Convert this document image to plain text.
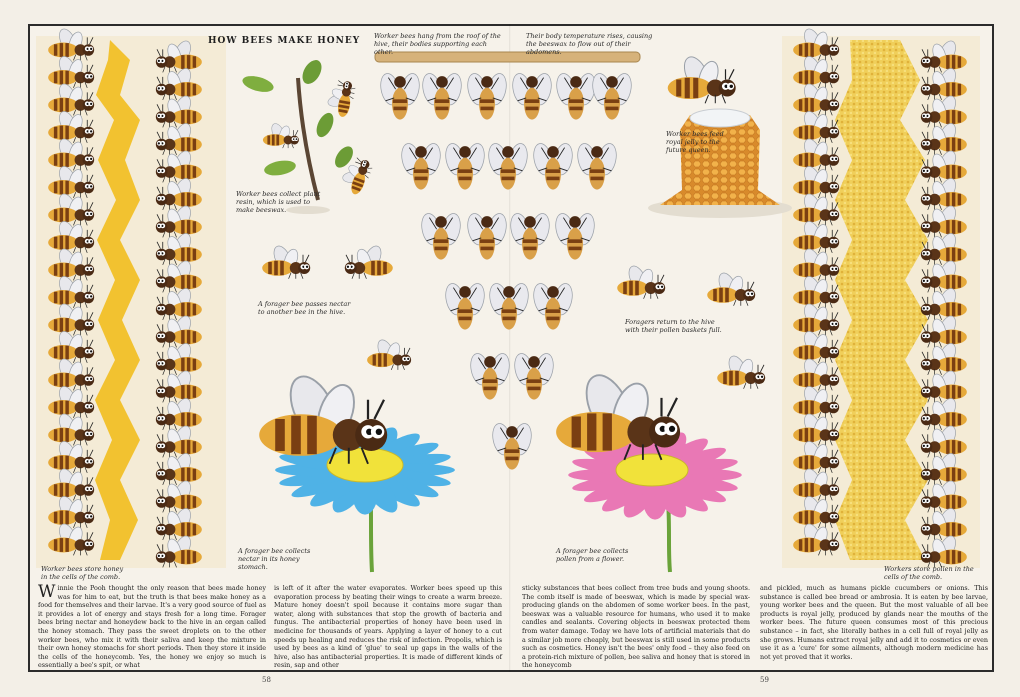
HOW BEES MAKE HONEY
Worker bees store honey in the cells of the comb.
Worker bees collect plant resin, which is used to make beeswax.
A forager bee passes nectar to another bee in the hive.
A forager bee collects nectar in its honey stomach.
Worker bees hang from the roof of the hive, their bodies supporting each other.
Their body temperature rises, causing the beeswax to flow out of their abdomens.
Worker bees feed royal jelly to the future queen.
Foragers return to the hive with their pollen baskets full.
A forager bee collects pollen from a flower.
Workers store pollen in the cells of the comb.
Winnie the Pooh thought the only reason that bees made honey was for him to eat, but the truth is that bees make honey as a food for themselves and their larvae. It's a very good source of fuel as it provides a lot of energy and stays fresh for a long time. Forager bees bring nectar and honeydew back to the hive in an organ called the honey stomach. They pass the sweet droplets on to the other worker bees, who mix it with their saliva and keep the mixture in their own honey stomachs for short periods. Then they store it inside the cells of the honeycomb. Yes, the honey we enjoy so much is essentially a bee's spit, or what
is left of it after the water evaporates. Worker bees speed up this evaporation process by beating their wings to create a warm breeze. Mature honey doesn't spoil because it contains more sugar than water, along with substances that stop the growth of bacteria and fungus. The antibacterial properties of honey have been used in medicine for thousands of years. Applying a layer of honey to a cut speeds up healing and reduces the risk of infection. Propolis, which is used by bees as a kind of 'glue' to seal up gaps in the walls of the hive, also has antibacterial properties. It is made of different kinds of resin, sap and other
sticky substances that bees collect from tree buds and young shoots. The comb itself is made of beeswax, which is made by special wax-producing glands on the abdomen of some worker bees. In the past, beeswax was a valuable resource for humans, who used it to make candles and sealants. Covering objects in beeswax protected them from water damage. Today we have lots of artificial materials that do a similar job more cheaply, but beeswax is still used in some products such as cosmetics. Honey isn't the bees' only food – they also feed on a protein-rich mixture of pollen, bee saliva and honey that is stored in the honeycomb
and pickled, much as humans pickle cucumbers or onions. This substance is called bee bread or ambrosia. It is eaten by bee larvae, young worker bees and the queen. But the most valuable of all bee products is royal jelly, produced by glands near the mouths of the worker bees. The future queen consumes most of this precious substance – in fact, she literally bathes in a cell full of royal jelly as she grows. Humans extract royal jelly and add it to cosmetics or even use it as a 'cure' for some ailments, although modern medicine has not yet proved that it works.
58	59
